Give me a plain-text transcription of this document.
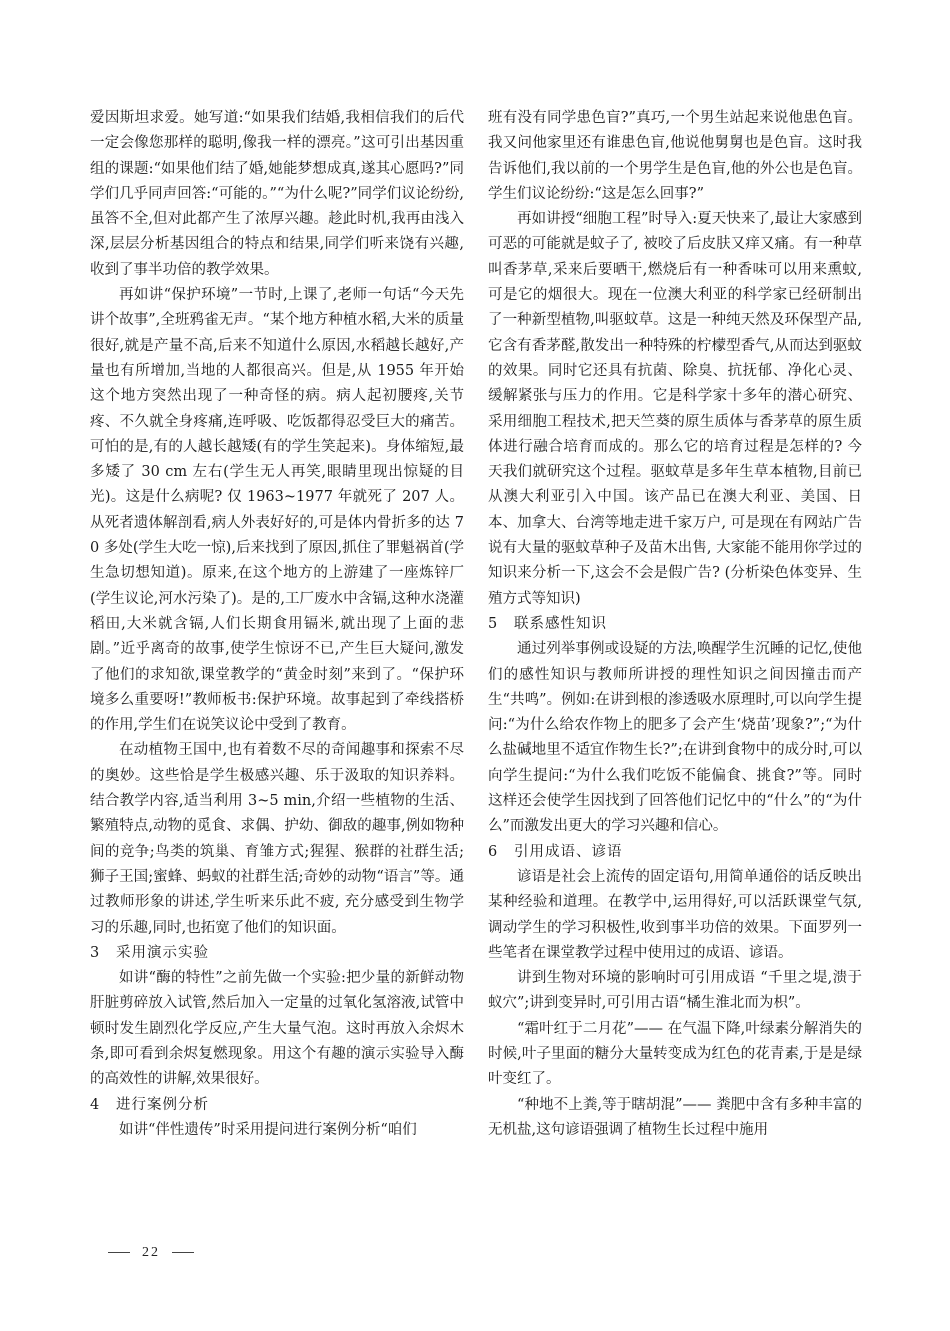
爱因斯坦求爱。她写道:“如果我们结婚,我相信我们的后代一定会像您那样的聪明,像我一样的漂亮。”这可引出基因重组的课题:“如果他们结了婚,她能梦想成真,遂其心愿吗?”同学们几乎同声回答:“可能的。”“为什么呢?”同学们议论纷纷,虽答不全,但对此都产生了浓厚兴趣。趁此时机,我再由浅入深,层层分析基因组合的特点和结果,同学们听来饶有兴趣,收到了事半功倍的教学效果。

再如讲“保护环境”一节时,上课了,老师一句话“今天先讲个故事”,全班鸦雀无声。“某个地方种植水稻,大米的质量很好,就是产量不高,后来不知道什么原因,水稻越长越好,产量也有所增加,当地的人都很高兴。但是,从 1955 年开始这个地方突然出现了一种奇怪的病。病人起初腰疼,关节疼、不久就全身疼痛,连呼吸、吃饭都得忍受巨大的痛苦。可怕的是,有的人越长越矮(有的学生笑起来)。身体缩短,最多矮了 30 cm 左右(学生无人再笑,眼睛里现出惊疑的目光)。这是什么病呢? 仅 1963~1977 年就死了 207 人。从死者遗体解剖看,病人外表好好的,可是体内骨折多的达 70 多处(学生大吃一惊),后来找到了原因,抓住了罪魁祸首(学生急切想知道)。原来,在这个地方的上游建了一座炼锌厂(学生议论,河水污染了)。是的,工厂废水中含镉,这种水浇灌稻田,大米就含镉,人们长期食用镉米,就出现了上面的悲剧。”近乎离奇的故事,使学生惊讶不已,产生巨大疑问,激发了他们的求知欲,课堂教学的“黄金时刻”来到了。“保护环境多么重要呀!”教师板书:保护环境。故事起到了牵线搭桥的作用,学生们在说笑议论中受到了教育。

在动植物王国中,也有着数不尽的奇闻趣事和探索不尽的奥妙。这些恰是学生极感兴趣、乐于汲取的知识养料。结合教学内容,适当利用 3~5 min,介绍一些植物的生活、繁殖特点,动物的觅食、求偶、护幼、御敌的趣事,例如物种间的竞争;鸟类的筑巢、育雏方式;猩猩、猴群的社群生活;狮子王国;蜜蜂、蚂蚁的社群生活;奇妙的动物“语言”等。通过教师形象的讲述,学生听来乐此不疲, 充分感受到生物学习的乐趣,同时,也拓宽了他们的知识面。

3 采用演示实验

如讲“酶的特性”之前先做一个实验:把少量的新鲜动物肝脏剪碎放入试管,然后加入一定量的过氧化氢溶液,试管中顿时发生剧烈化学反应,产生大量气泡。这时再放入余烬木条,即可看到余烬复燃现象。用这个有趣的演示实验导入酶的高效性的讲解,效果很好。

4 进行案例分析

如讲“伴性遗传”时采用提问进行案例分析“咱们

班有没有同学患色盲?”真巧,一个男生站起来说他患色盲。我又问他家里还有谁患色盲,他说他舅舅也是色盲。这时我告诉他们,我以前的一个男学生是色盲,他的外公也是色盲。学生们议论纷纷:“这是怎么回事?”

再如讲授“细胞工程”时导入:夏天快来了,最让大家感到可恶的可能就是蚊子了, 被咬了后皮肤又痒又痛。有一种草叫香茅草,采来后要晒干,燃烧后有一种香味可以用来熏蚊,可是它的烟很大。现在一位澳大利亚的科学家已经研制出了一种新型植物,叫驱蚊草。这是一种纯天然及环保型产品,它含有香茅醛,散发出一种特殊的柠檬型香气,从而达到驱蚊的效果。同时它还具有抗菌、除臭、抗抚郁、净化心灵、缓解紧张与压力的作用。它是科学家十多年的潜心研究、采用细胞工程技术,把天竺葵的原生质体与香茅草的原生质体进行融合培育而成的。那么它的培育过程是怎样的? 今天我们就研究这个过程。驱蚊草是多年生草本植物,目前已从澳大利亚引入中国。该产品已在澳大利亚、美国、日本、加拿大、台湾等地走进千家万户, 可是现在有网站广告说有大量的驱蚊草种子及苗木出售, 大家能不能用你学过的知识来分析一下,这会不会是假广告? (分析染色体变异、生殖方式等知识)

5 联系感性知识

通过列举事例或设疑的方法,唤醒学生沉睡的记忆,使他们的感性知识与教师所讲授的理性知识之间因撞击而产生“共鸣”。例如:在讲到根的渗透吸水原理时,可以向学生提问:“为什么给农作物上的肥多了会产生‘烧苗’现象?”;“为什么盐碱地里不适宜作物生长?”;在讲到食物中的成分时,可以向学生提问:“为什么我们吃饭不能偏食、挑食?”等。同时这样还会使学生因找到了回答他们记忆中的“什么”的“为什么”而激发出更大的学习兴趣和信心。

6 引用成语、谚语

谚语是社会上流传的固定语句,用简单通俗的话反映出某种经验和道理。在教学中,运用得好,可以活跃课堂气氛,调动学生的学习积极性,收到事半功倍的效果。下面罗列一些笔者在课堂教学过程中使用过的成语、谚语。

讲到生物对环境的影响时可引用成语 “千里之堤,溃于蚁穴”;讲到变异时,可引用古语“橘生淮北而为枳”。

“霜叶红于二月花”—— 在气温下降,叶绿素分解消失的时候,叶子里面的糖分大量转变成为红色的花青素,于是是绿叶变红了。

“种地不上粪,等于瞎胡混”—— 粪肥中含有多种丰富的无机盐,这句谚语强调了植物生长过程中施用

22
